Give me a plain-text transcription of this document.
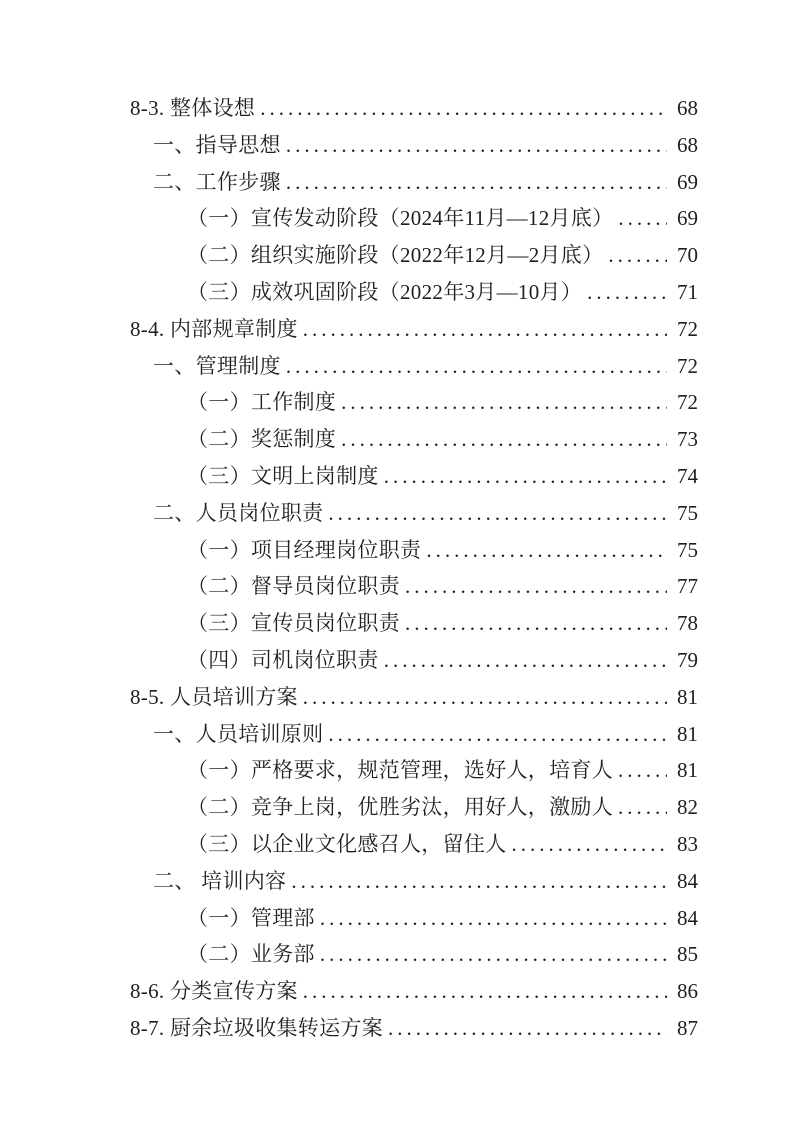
8-3. 整体设想 .....	68
一、指导思想 .....	68
二、工作步骤 .....	69
（一）宣传发动阶段（2024年11月—12月底） .....	69
（二）组织实施阶段（2022年12月—2月底） .....	70
（三）成效巩固阶段（2022年3月—10月） .....	71
8-4. 内部规章制度 .....	72
一、管理制度 .....	72
（一）工作制度 .....	72
（二）奖惩制度 .....	73
（三）文明上岗制度 .....	74
二、人员岗位职责 .....	75
（一）项目经理岗位职责 .....	75
（二）督导员岗位职责 .....	77
（三）宣传员岗位职责 .....	78
（四）司机岗位职责 .....	79
8-5. 人员培训方案 .....	81
一、人员培训原则 .....	81
（一）严格要求，规范管理，选好人，培育人 .....	81
（二）竞争上岗，优胜劣汰，用好人，激励人 .....	82
（三）以企业文化感召人，留住人 .....	83
二、 培训内容 .....	84
（一）管理部 .....	84
（二）业务部 .....	85
8-6. 分类宣传方案 .....	86
8-7. 厨余垃圾收集转运方案 .....	87
